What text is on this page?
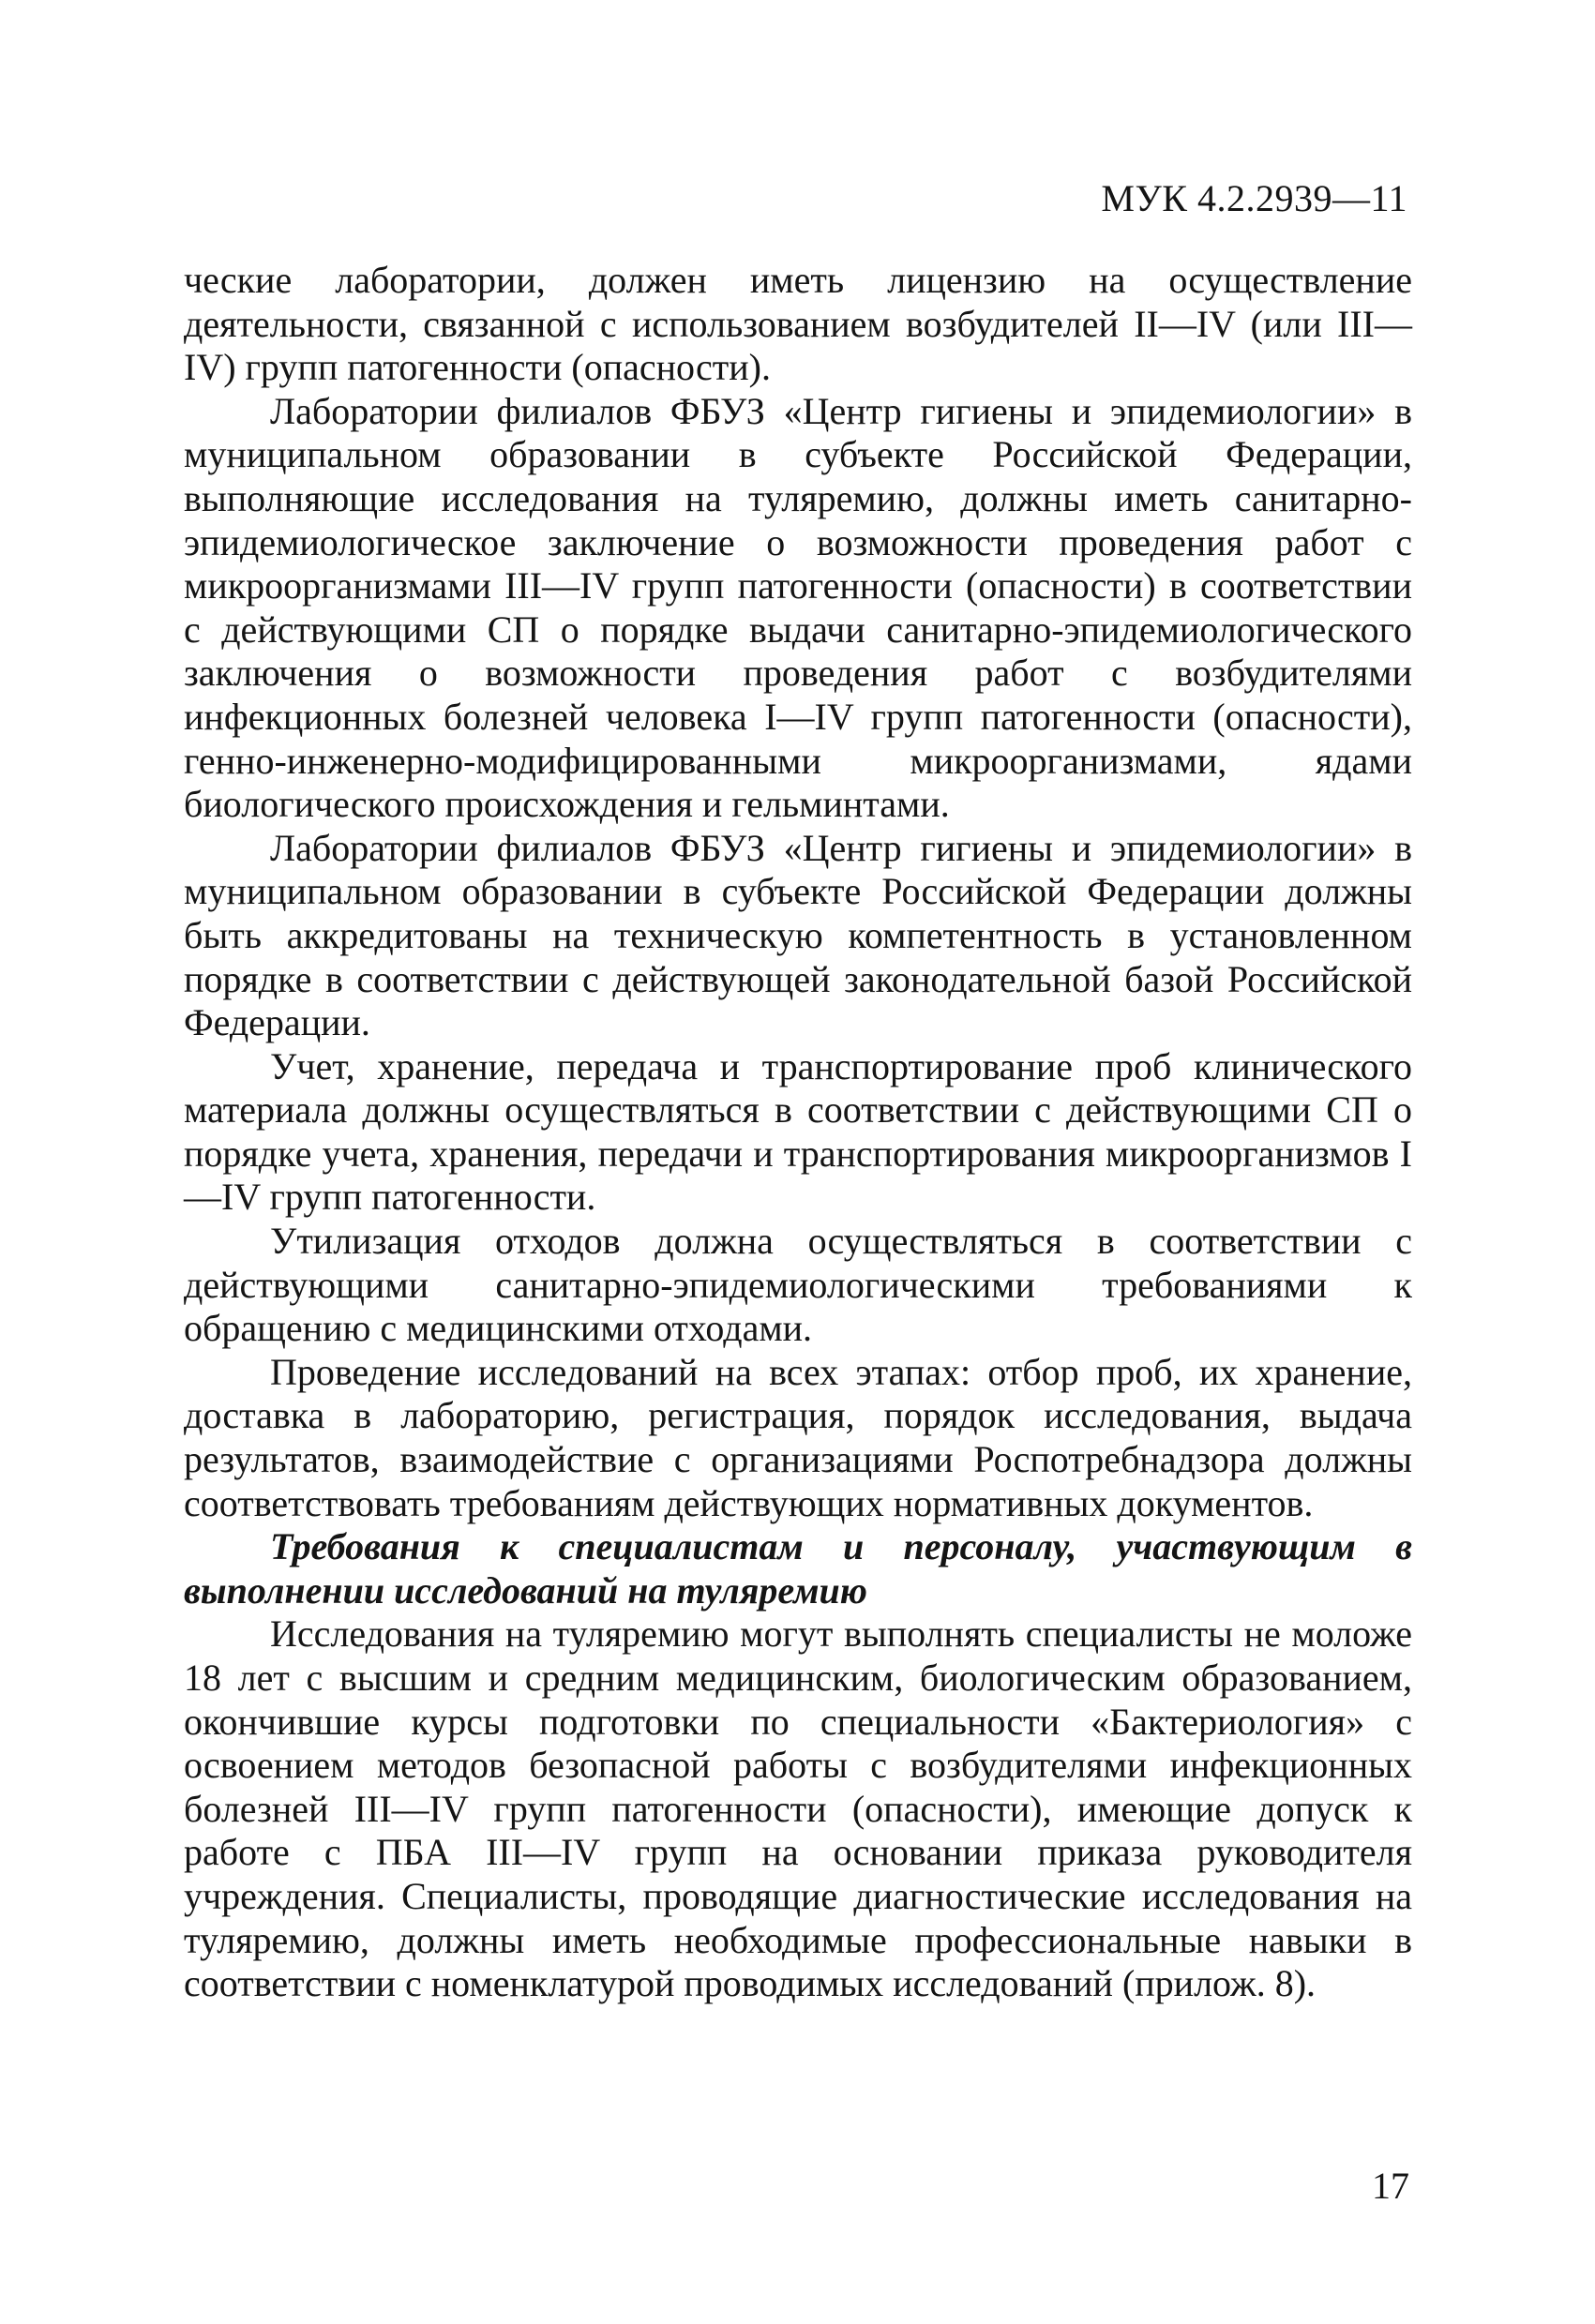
МУК 4.2.2939—11

ческие лаборатории, должен иметь лицензию на осуществление деятельности, связанной с использованием возбудителей II—IV (или III—IV) групп патогенности (опасности).

Лаборатории филиалов ФБУЗ «Центр гигиены и эпидемиологии» в муниципальном образовании в субъекте Российской Федерации, выполняющие исследования на туляремию, должны иметь санитарно-эпидемиологическое заключение о возможности проведения работ с микроорганизмами III—IV групп патогенности (опасности) в соответствии с действующими СП о порядке выдачи санитарно-эпидемиологического заключения о возможности проведения работ с возбудителями инфекционных болезней человека I—IV групп патогенности (опасности), генно-инженерно-модифицированными микроорганизмами, ядами биологического происхождения и гельминтами.

Лаборатории филиалов ФБУЗ «Центр гигиены и эпидемиологии» в муниципальном образовании в субъекте Российской Федерации должны быть аккредитованы на техническую компетентность в установленном порядке в соответствии с действующей законодательной базой Российской Федерации.

Учет, хранение, передача и транспортирование проб клинического материала должны осуществляться в соответствии с действующими СП о порядке учета, хранения, передачи и транспортирования микроорганизмов I—IV групп патогенности.

Утилизация отходов должна осуществляться в соответствии с действующими санитарно-эпидемиологическими требованиями к обращению с медицинскими отходами.

Проведение исследований на всех этапах: отбор проб, их хранение, доставка в лабораторию, регистрация, порядок исследования, выдача результатов, взаимодействие с организациями Роспотребнадзора должны соответствовать требованиям действующих нормативных документов.

Требования к специалистам и персоналу, участвующим в выполнении исследований на туляремию

Исследования на туляремию могут выполнять специалисты не моложе 18 лет с высшим и средним медицинским, биологическим образованием, окончившие курсы подготовки по специальности «Бактериология» с освоением методов безопасной работы с возбудителями инфекционных болезней III—IV групп патогенности (опасности), имеющие допуск к работе с ПБА III—IV групп на основании приказа руководителя учреждения. Специалисты, проводящие диагностические исследования на туляремию, должны иметь необходимые профессиональные навыки в соответствии с номенклатурой проводимых исследований (прилож. 8).

17
